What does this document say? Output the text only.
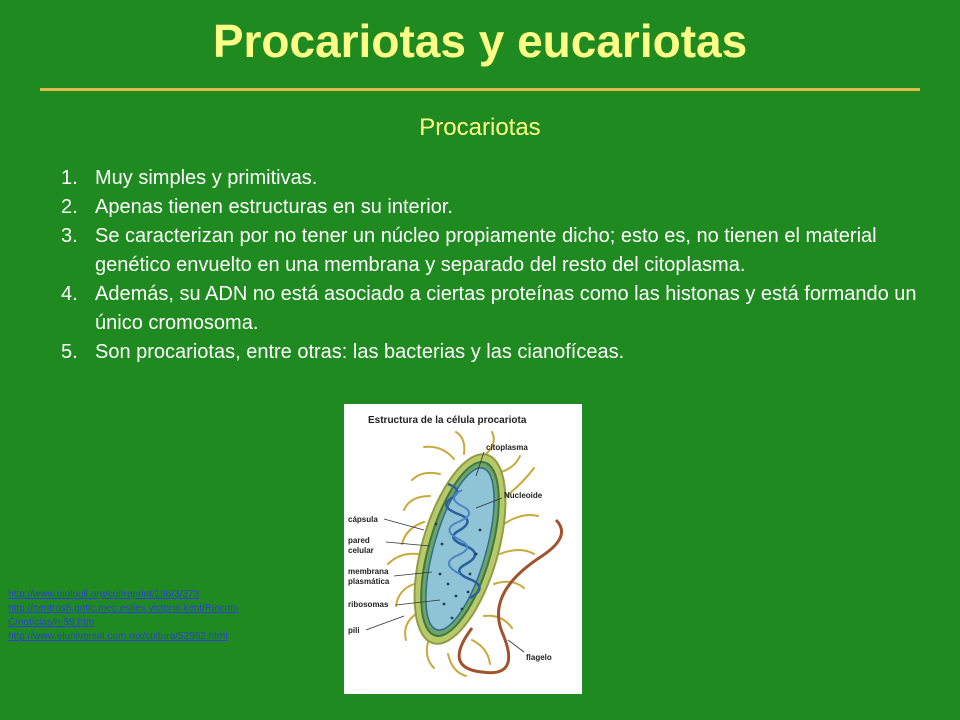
Procariotas y eucariotas
Procariotas
1. Muy simples y primitivas.
2. Apenas tienen estructuras en su interior.
3. Se caracterizan por no tener un núcleo propiamente dicho; esto es, no tienen el material genético envuelto en una membrana y separado del resto del citoplasma.
4. Además, su ADN no está asociado a ciertas proteínas como las histonas y está formando un único cromosoma.
5. Son procariotas, entre otras: las bacterias y las cianofíceas.
Estructura de la célula procariota
citoplasma
Nucleoide
cápsula
pared
celular
membrana
plasmática
ribosomas
pili
flagelo
http://www.biolbull.org/cgi/reprint/196/3/373
http://centros5.pntic.mec.es/ies.victoria.kent/Rincon-
C/noticias/n-59.htm
http://www.eluniversal.com.mx/cultura/52962.html
